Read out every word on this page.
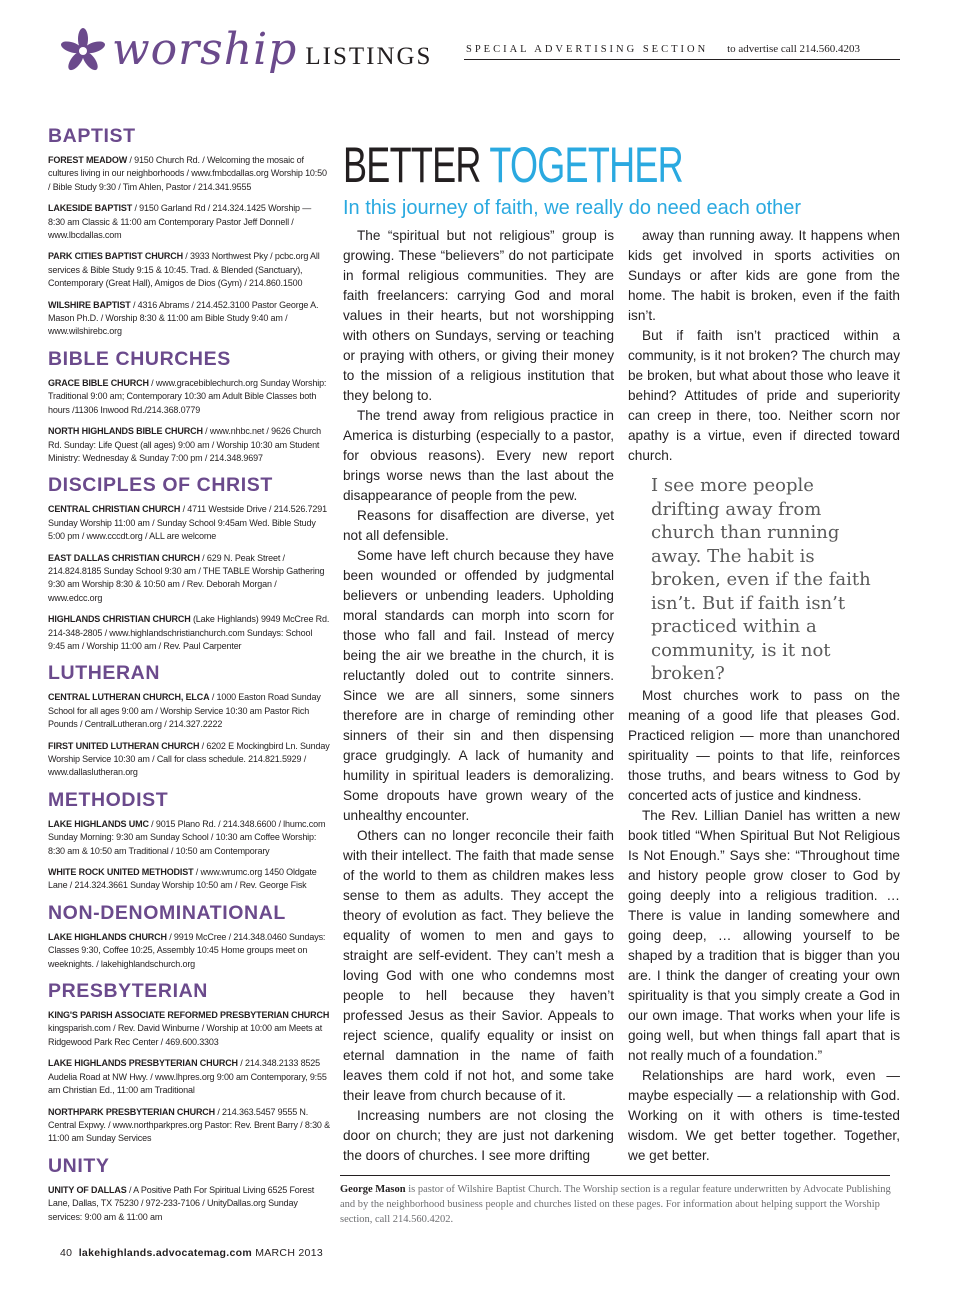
worship LISTINGS	SPECIAL ADVERTISING SECTION to advertise call 214.560.4203
BAPTIST
FOREST MEADOW / 9150 Church Rd. / Welcoming the mosaic of cultures living in our neighborhoods / www.fmbcdallas.org Worship 10:50 / Bible Study 9:30 / Tim Ahlen, Pastor / 214.341.9555
LAKESIDE BAPTIST / 9150 Garland Rd / 214.324.1425 Worship — 8:30 am Classic & 11:00 am Contemporary Pastor Jeff Donnell / www.lbcdallas.com
PARK CITIES BAPTIST CHURCH / 3933 Northwest Pky / pcbc.org All services & Bible Study 9:15 & 10:45. Trad. & Blended (Sanctuary), Contemporary (Great Hall), Amigos de Dios (Gym) / 214.860.1500
WILSHIRE BAPTIST / 4316 Abrams / 214.452.3100 Pastor George A. Mason Ph.D. / Worship 8:30 & 11:00 am Bible Study 9:40 am / www.wilshirebc.org
BIBLE CHURCHES
GRACE BIBLE CHURCH / www.gracebiblechurch.org Sunday Worship: Traditional 9:00 am; Contemporary 10:30 am Adult Bible Classes both hours /11306 Inwood Rd./214.368.0779
NORTH HIGHLANDS BIBLE CHURCH / www.nhbc.net / 9626 Church Rd. Sunday: Life Quest (all ages) 9:00 am / Worship 10:30 am Student Ministry: Wednesday & Sunday 7:00 pm / 214.348.9697
DISCIPLES OF CHRIST
CENTRAL CHRISTIAN CHURCH / 4711 Westside Drive / 214.526.7291 Sunday Worship 11:00 am / Sunday School 9:45am Wed. Bible Study 5:00 pm / www.cccdt.org / ALL are welcome
EAST DALLAS CHRISTIAN CHURCH / 629 N. Peak Street / 214.824.8185 Sunday School 9:30 am / THE TABLE Worship Gathering 9:30 am Worship 8:30 & 10:50 am / Rev. Deborah Morgan / www.edcc.org
HIGHLANDS CHRISTIAN CHURCH (Lake Highlands) 9949 McCree Rd. 214-348-2805 / www.highlandschristianchurch.com Sundays: School 9:45 am / Worship 11:00 am / Rev. Paul Carpenter
LUTHERAN
CENTRAL LUTHERAN CHURCH, ELCA / 1000 Easton Road Sunday School for all ages 9:00 am / Worship Service 10:30 am Pastor Rich Pounds / CentralLutheran.org / 214.327.2222
FIRST UNITED LUTHERAN CHURCH / 6202 E Mockingbird Ln. Sunday Worship Service 10:30 am / Call for class schedule. 214.821.5929 / www.dallaslutheran.org
METHODIST
LAKE HIGHLANDS UMC / 9015 Plano Rd. / 214.348.6600 / lhumc.com Sunday Morning: 9:30 am Sunday School / 10:30 am Coffee Worship: 8:30 am & 10:50 am Traditional / 10:50 am Contemporary
WHITE ROCK UNITED METHODIST / www.wrumc.org 1450 Oldgate Lane / 214.324.3661 Sunday Worship 10:50 am / Rev. George Fisk
NON-DENOMINATIONAL
LAKE HIGHLANDS CHURCH / 9919 McCree / 214.348.0460 Sundays: Classes 9:30, Coffee 10:25, Assembly 10:45 Home groups meet on weeknights. / lakehighlandschurch.org
PRESBYTERIAN
KING'S PARISH ASSOCIATE REFORMED PRESBYTERIAN CHURCH kingsparish.com / Rev. David Winburne / Worship at 10:00 am Meets at Ridgewood Park Rec Center / 469.600.3303
LAKE HIGHLANDS PRESBYTERIAN CHURCH / 214.348.2133 8525 Audelia Road at NW Hwy. / www.lhpres.org 9:00 am Contemporary, 9:55 am Christian Ed., 11:00 am Traditional
NORTHPARK PRESBYTERIAN CHURCH / 214.363.5457 9555 N. Central Expwy. / www.northparkpres.org Pastor: Rev. Brent Barry / 8:30 & 11:00 am Sunday Services
UNITY
UNITY OF DALLAS / A Positive Path For Spiritual Living 6525 Forest Lane, Dallas, TX 75230 / 972-233-7106 / UnityDallas.org Sunday services: 9:00 am & 11:00 am
BETTER TOGETHER
In this journey of faith, we really do need each other

The “spiritual but not religious” group is growing. These “believers” do not participate in formal religious communities. They are faith freelancers: carrying God and moral values in their hearts, but not worshipping with others on Sundays, serving or teaching or praying with others, or giving their money to the mission of a religious institution that they belong to.

The trend away from religious practice in America is disturbing (especially to a pastor, for obvious reasons). Every new report brings worse news than the last about the disappearance of people from the pew.

Reasons for disaffection are diverse, yet not all defensible.

Some have left church because they have been wounded or offended by judgmental believers or unbending leaders. Upholding moral standards can morph into scorn for those who fall and fail. Instead of mercy being the air we breathe in the church, it is reluctantly doled out to contrite sinners. Since we are all sinners, some sinners therefore are in charge of reminding other sinners of their sin and then dispensing grace grudgingly. A lack of humanity and humility in spiritual leaders is demoralizing. Some dropouts have grown weary of the unhealthy encounter.

Others can no longer reconcile their faith with their intellect. The faith that made sense of the world to them as children makes less sense to them as adults. They accept the theory of evolution as fact. They believe the equality of women to men and gays to straight are self-evident. They can’t mesh a loving God with one who condemns most people to hell because they haven’t professed Jesus as their Savior. Appeals to reject science, qualify equality or insist on eternal damnation in the name of faith leaves them cold if not hot, and some take their leave from church because of it.

Increasing numbers are not closing the door on church; they are just not darkening the doors of churches. I see more drifting

away than running away. It happens when kids get involved in sports activities on Sundays or after kids are gone from the home. The habit is broken, even if the faith isn’t.

But if faith isn’t practiced within a community, is it not broken? The church may be broken, but what about those who leave it behind? Attitudes of pride and superiority can creep in there, too. Neither scorn nor apathy is a virtue, even if directed toward church.

I see more people drifting away from church than running away. The habit is broken, even if the faith isn’t. But if faith isn’t practiced within a community, is it not broken?

Most churches work to pass on the meaning of a good life that pleases God. Practiced religion — more than unanchored spirituality — points to that life, reinforces those truths, and bears witness to God by concerted acts of justice and kindness.

The Rev. Lillian Daniel has written a new book titled “When Spiritual But Not Religious Is Not Enough.” Says she: “Throughout time and history people grow closer to God by going deeply into a religious tradition. … There is value in landing somewhere and going deep, … allowing yourself to be shaped by a tradition that is bigger than you are. I think the danger of creating your own spirituality is that you simply create a God in our own image. That works when your life is going well, but when things fall apart that is not really much of a foundation.”

Relationships are hard work, even — maybe especially — a relationship with God. Working on it with others is time-tested wisdom. We get better together. Together, we get better.

George Mason is pastor of Wilshire Baptist Church. The Worship section is a regular feature underwritten by Advocate Publishing and by the neighborhood business people and churches listed on these pages. For information about helping support the Worship section, call 214.560.4202.
40 lakehighlands.advocatemag.com MARCH 2013
